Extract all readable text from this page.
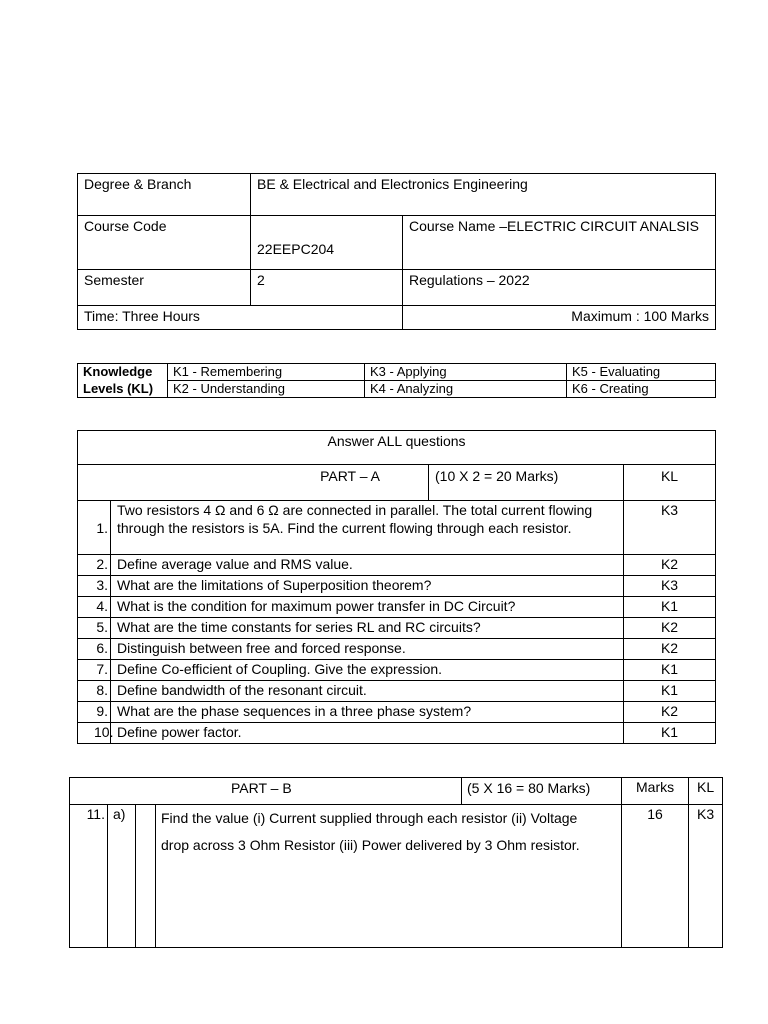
Degree & Branch	BE & Electrical and Electronics Engineering	
Course Code	22EEPC204	Course Name –ELECTRIC CIRCUIT ANALSIS
Semester	2	Regulations – 2022
Time: Three Hours		Maximum : 100 Marks
Knowledge	K1 - Remembering	K3 - Applying	K5 - Evaluating
Levels (KL)	K2 - Understanding	K4 - Analyzing	K6 - Creating
Answer ALL questions			
PART – A		(10 X 2 = 20 Marks)	KL
1.	Two resistors 4 Ω and 6 Ω are connected in parallel. The total current flowing through the resistors is 5A. Find the current flowing through each resistor.		K3
2.	Define average value and RMS value.		K2
3.	What are the limitations of Superposition theorem?		K3
4.	What is the condition for maximum power transfer in DC Circuit?		K1
5.	What are the time constants for series RL and RC circuits?		K2
6.	Distinguish between free and forced response.		K2
7.	Define Co-efficient of Coupling. Give the expression.		K1
8.	Define bandwidth of the resonant circuit.		K1
9.	What are the phase sequences in a three phase system?		K2
10.	Define power factor.		K1
PART – B (5 X 16 = 80 Marks)				Marks	KL
11.	a)		Find the value (i) Current supplied through each resistor (ii) Voltage drop across 3 Ohm Resistor (iii) Power delivered by 3 Ohm resistor.	16	K3
